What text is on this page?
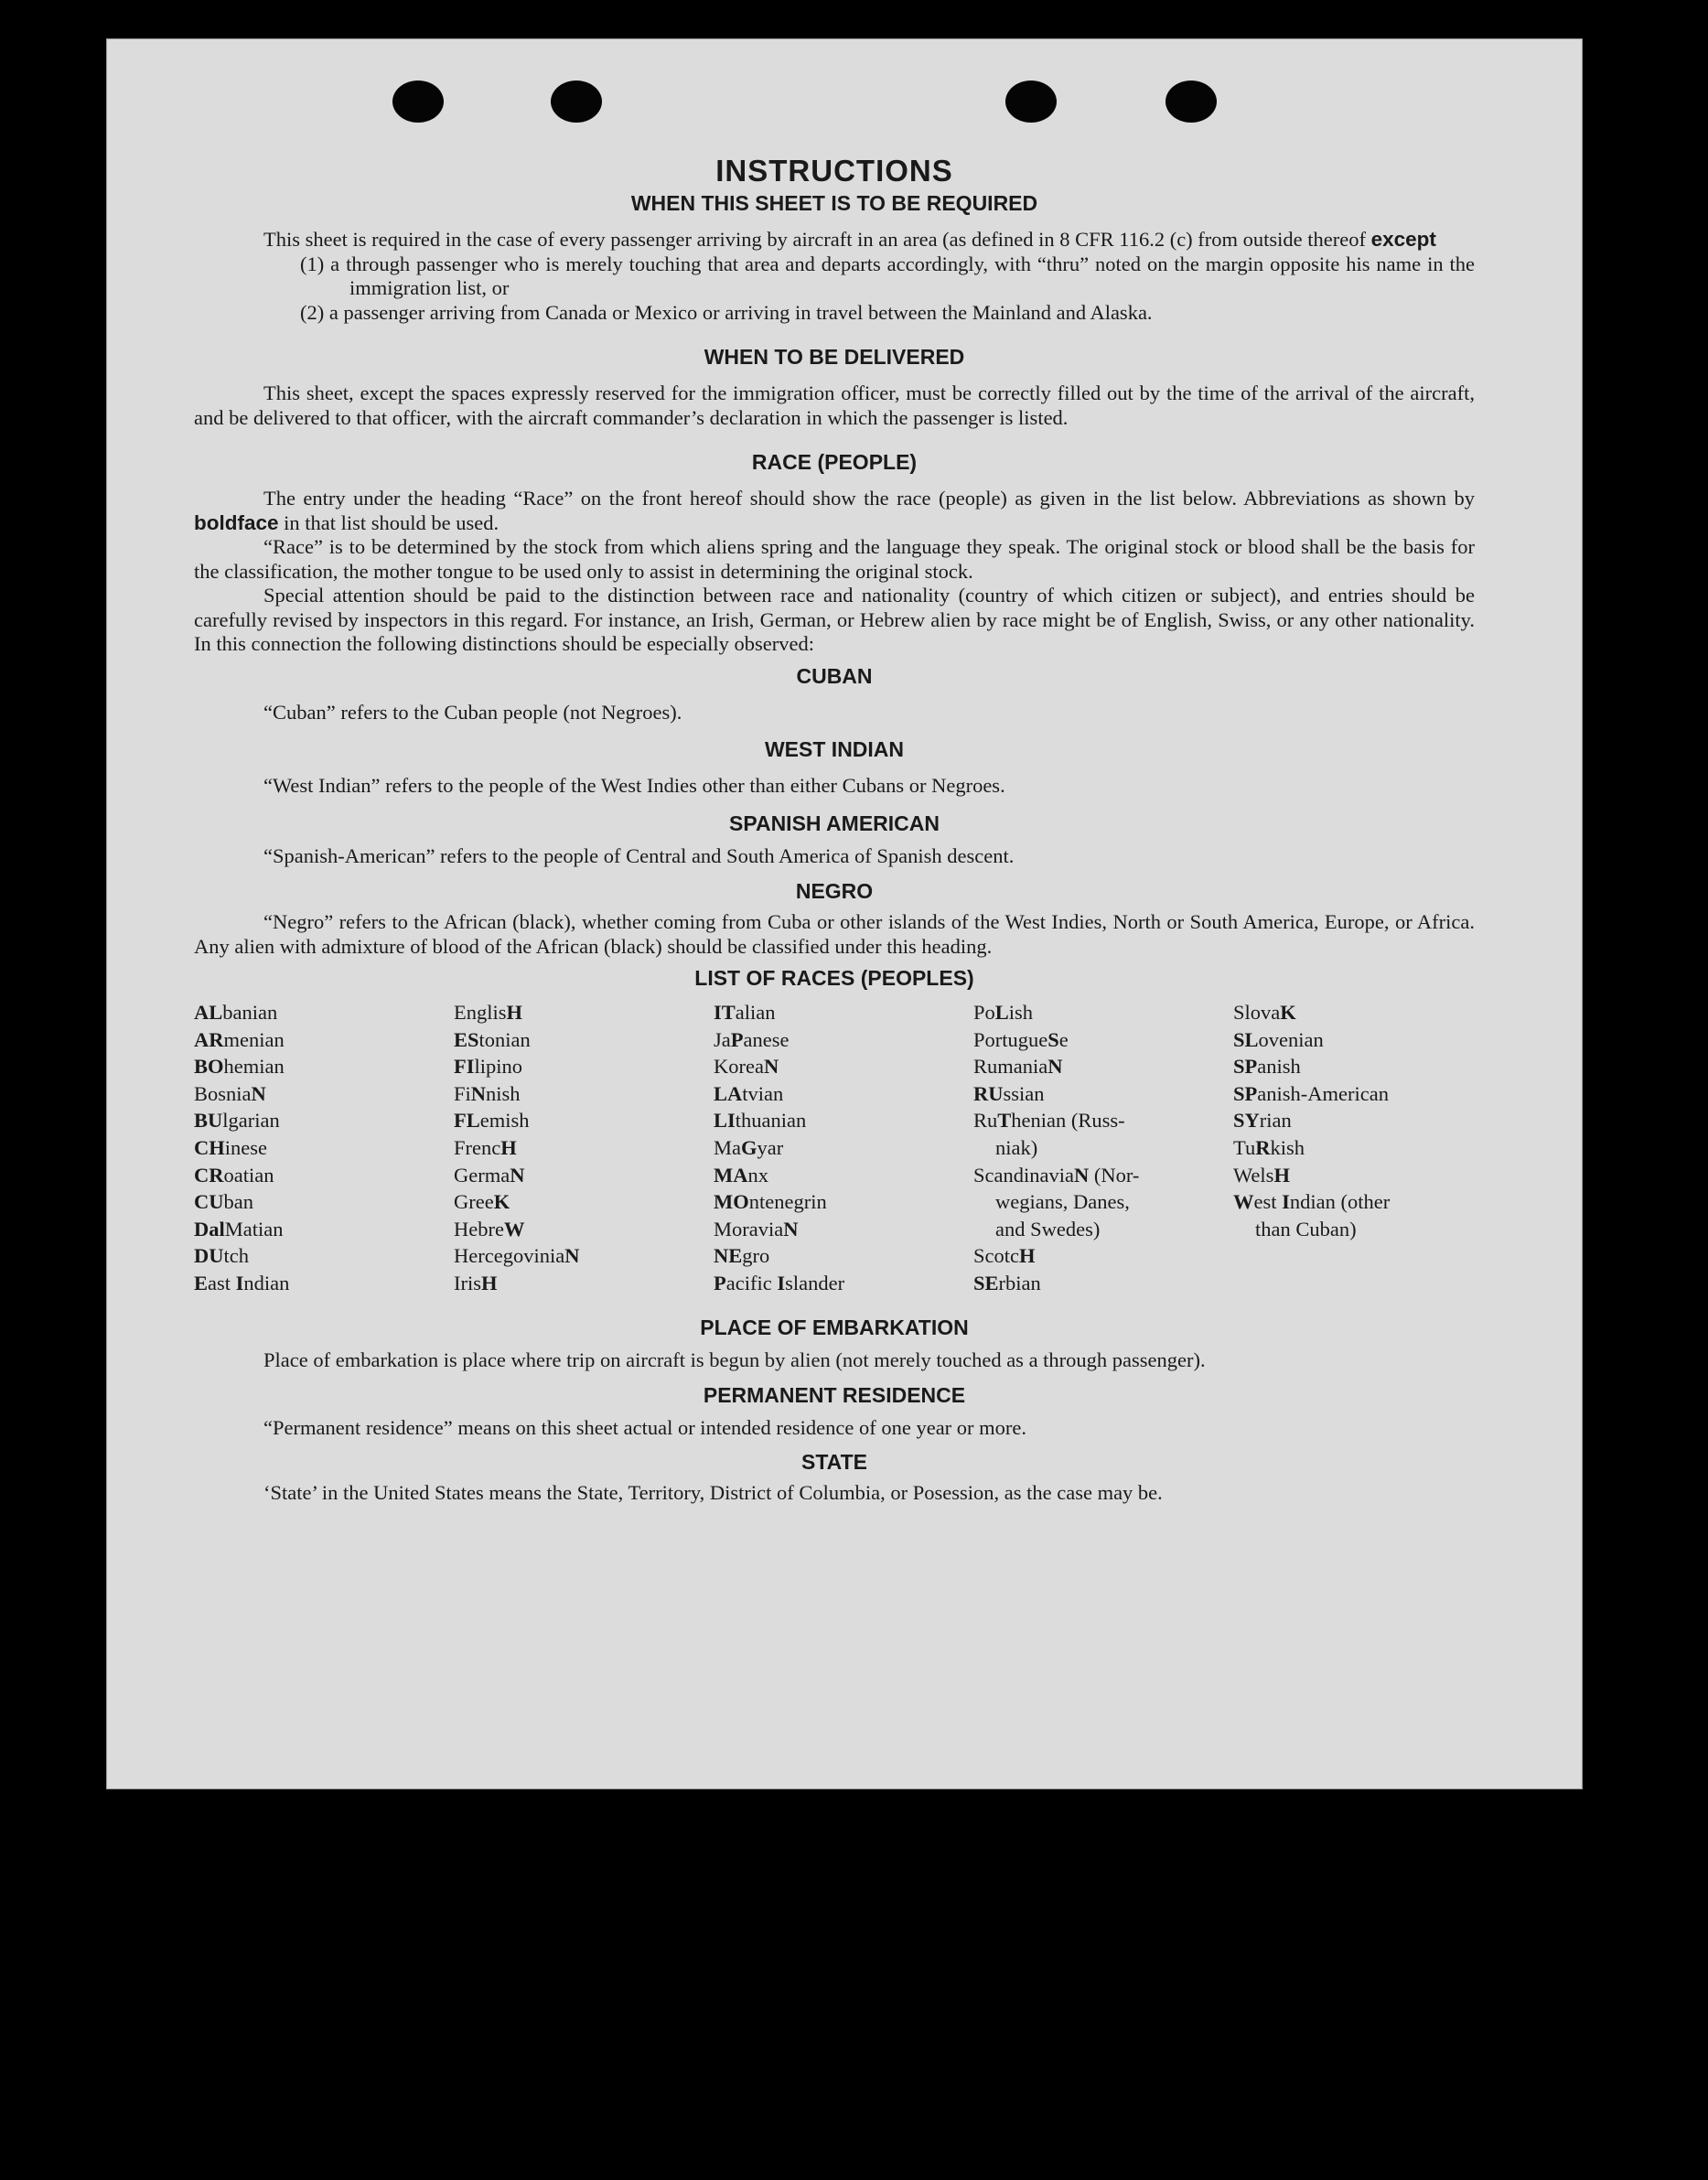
INSTRUCTIONS
WHEN THIS SHEET IS TO BE REQUIRED

This sheet is required in the case of every passenger arriving by aircraft in an area (as defined in 8 CFR 116.2 (c) from outside thereof except

(1) a through passenger who is merely touching that area and departs accordingly, with “thru” noted on the margin opposite his name in the immigration list, or

(2) a passenger arriving from Canada or Mexico or arriving in travel between the Mainland and Alaska.

WHEN TO BE DELIVERED

This sheet, except the spaces expressly reserved for the immigration officer, must be correctly filled out by the time of the arrival of the aircraft, and be delivered to that officer, with the aircraft commander’s declaration in which the passenger is listed.

RACE (PEOPLE)

The entry under the heading “Race” on the front hereof should show the race (people) as given in the list below. Abbreviations as shown by boldface in that list should be used.

“Race” is to be determined by the stock from which aliens spring and the language they speak. The original stock or blood shall be the basis for the classification, the mother tongue to be used only to assist in determining the original stock.

Special attention should be paid to the distinction between race and nationality (country of which citizen or subject), and entries should be carefully revised by inspectors in this regard. For instance, an Irish, German, or Hebrew alien by race might be of English, Swiss, or any other nationality. In this connection the following distinctions should be especially observed:

CUBAN

“Cuban” refers to the Cuban people (not Negroes).

WEST INDIAN

“West Indian” refers to the people of the West Indies other than either Cubans or Negroes.

SPANISH AMERICAN

“Spanish-American” refers to the people of Central and South America of Spanish descent.

NEGRO

“Negro” refers to the African (black), whether coming from Cuba or other islands of the West Indies, North or South America, Europe, or Africa. Any alien with admixture of blood of the African (black) should be classified under this heading.

LIST OF RACES (PEOPLES)
ALbanian
ARmenian
BOhemian
BosniaN
BUlgarian
CHinese
CRoatian
CUban
DalMatian
DUtch
East Indian
EnglisH
EStonian
FIlipino
FiNnish
FLemish
FrencH
GermaN
GreeK
HebreW
HercegoviniaN
IrisH
ITalian
JaPanese
KoreaN
LAtvian
LIthuanian
MaGyar
MAnx
MOntenegrin
MoraviaN
NEgro
Pacific Islander
PoLish
PortugueSe
RumaniaN
RUssian
RuThenian (Russ-
niak)
ScandinaviaN (Nor-
wegians, Danes,
and Swedes)
ScotcH
SErbian
SlovaK
SLovenian
SPanish
SPanish-American
SYrian
TuRkish
WelsH
West Indian (other
than Cuban)
PLACE OF EMBARKATION

Place of embarkation is place where trip on aircraft is begun by alien (not merely touched as a through passenger).

PERMANENT RESIDENCE

“Permanent residence” means on this sheet actual or intended residence of one year or more.

STATE

‘State’ in the United States means the State, Territory, District of Columbia, or Posession, as the case may be.
